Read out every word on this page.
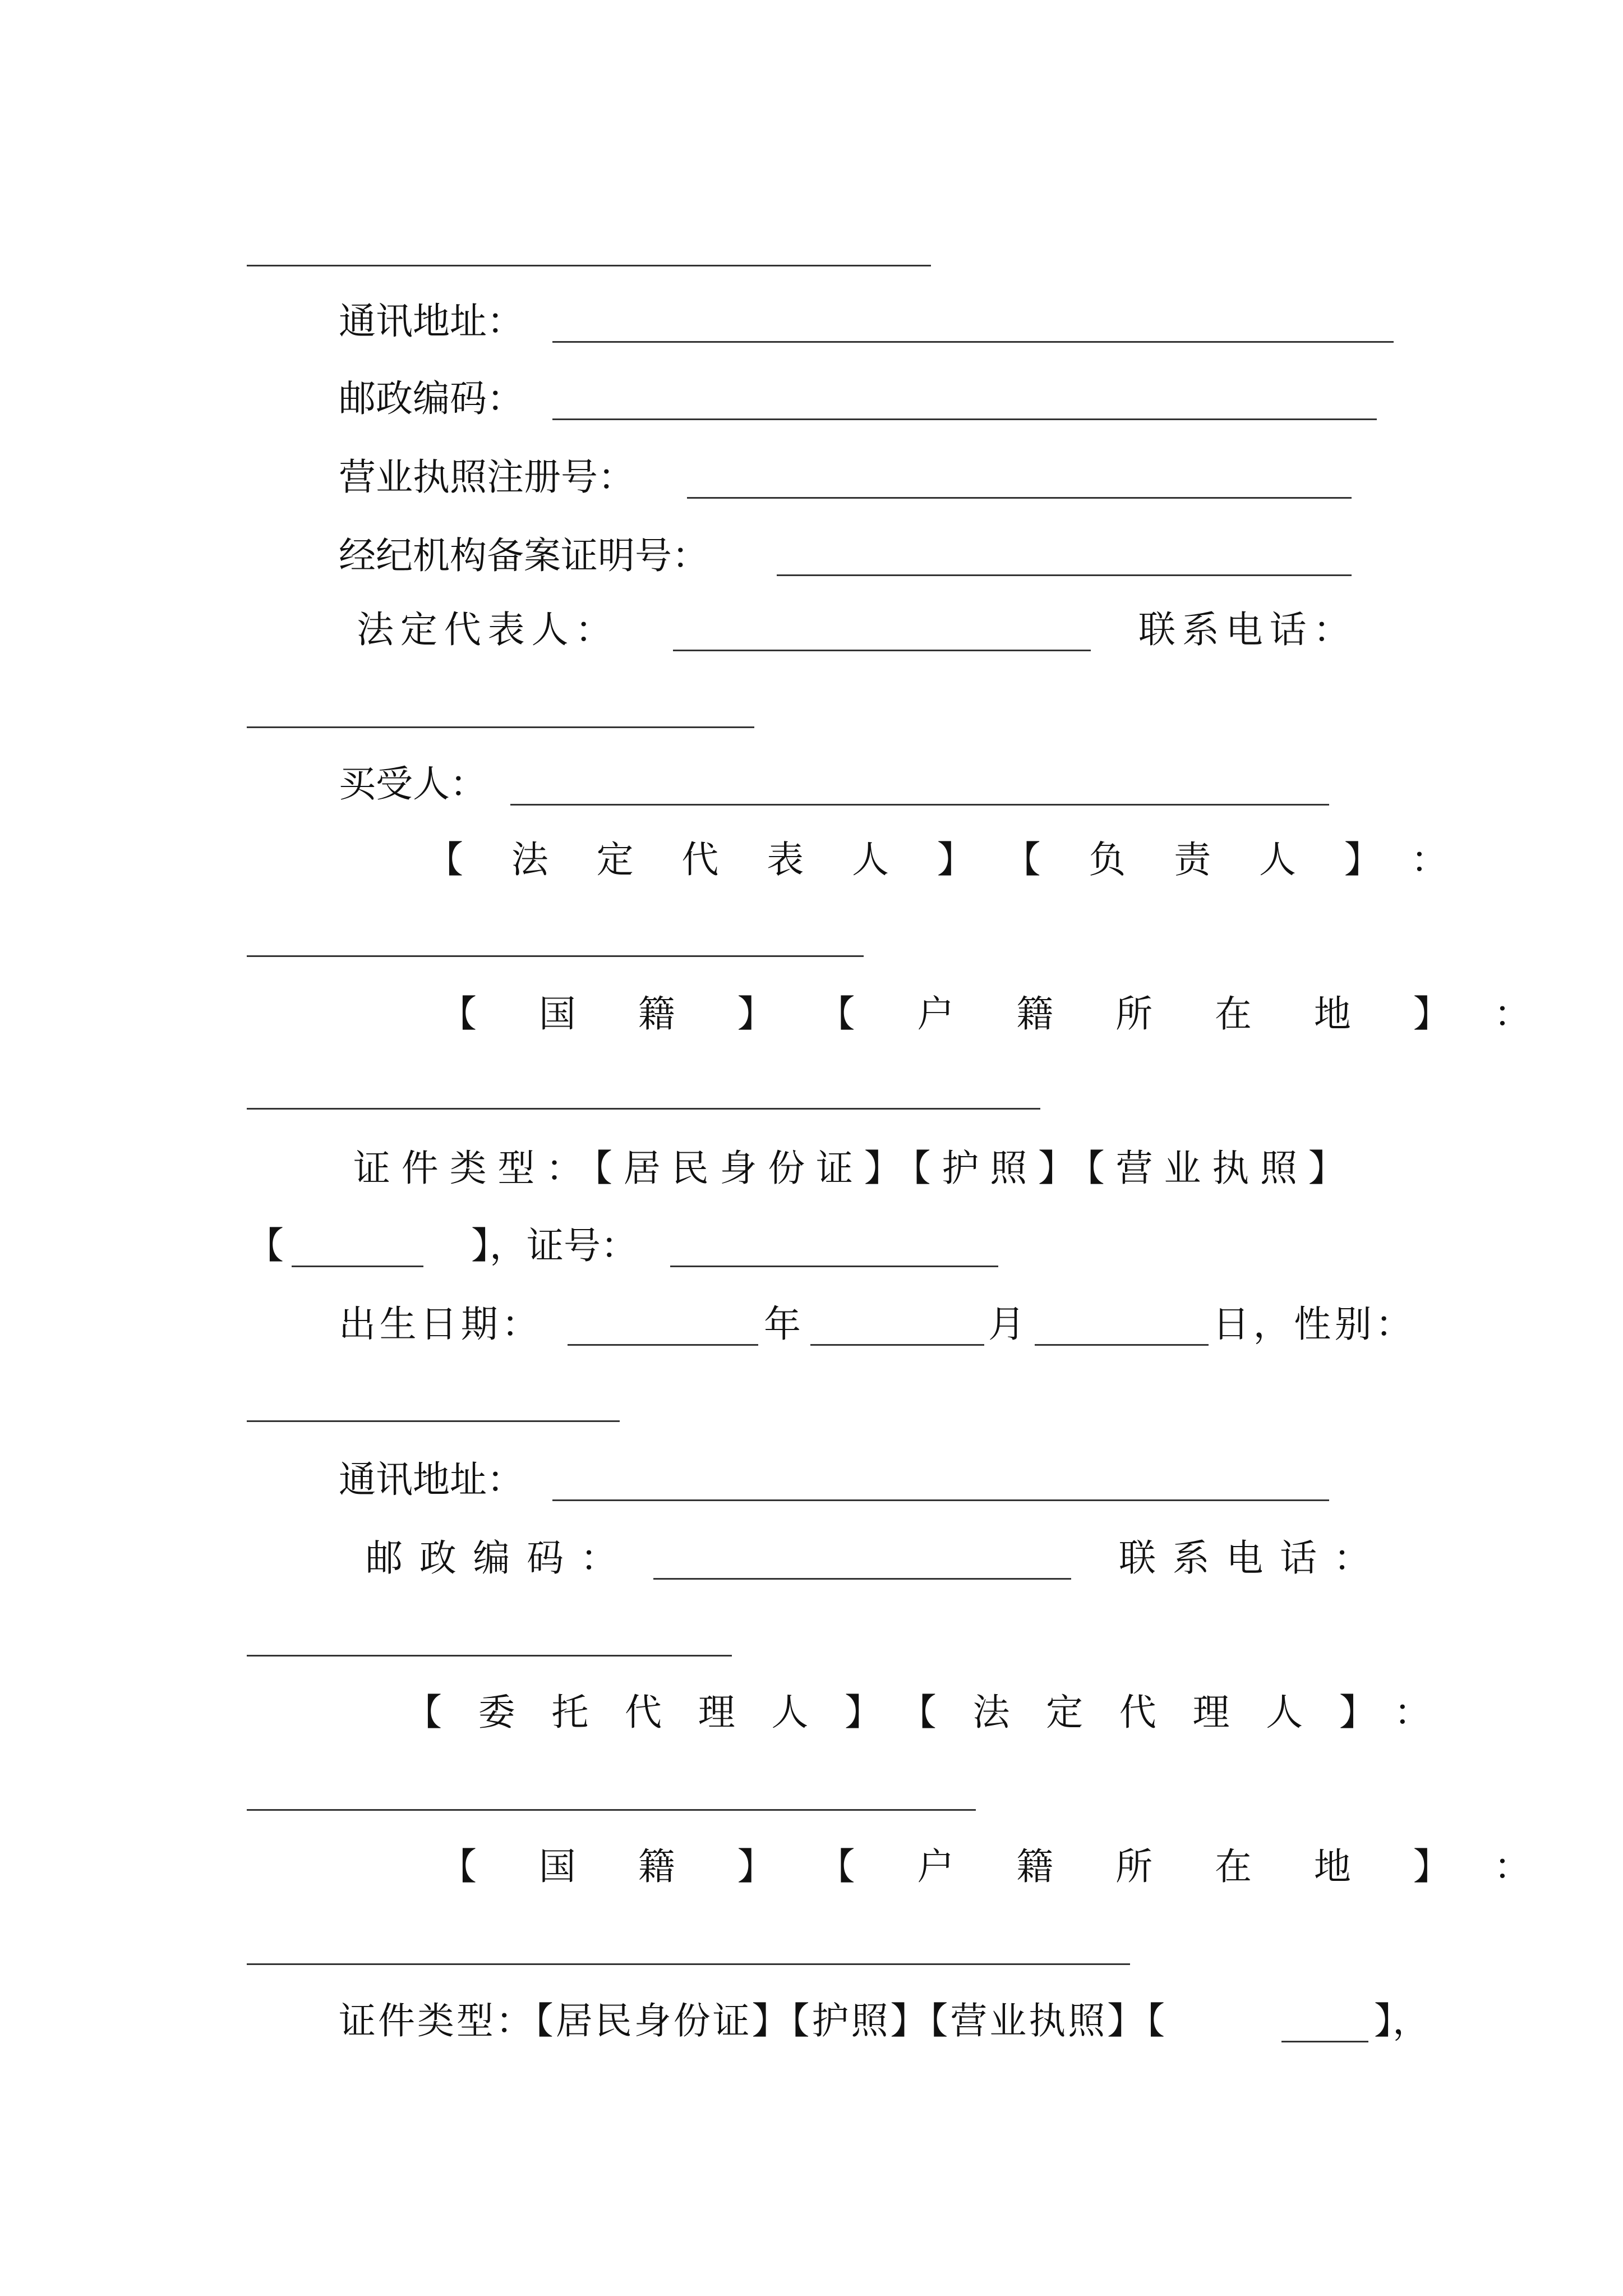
通讯地址：
邮政编码：
营业执照注册号：
经纪机构备案证明号：
法定代表人：	联系电话：
买受人：
【法定代表人】【负责人】：
【国籍】【户籍所在地】：
证件类型：【居民身份证】【护照】【营业执照】
【	】，证号：
出生日期：	年	月	日，性别：
通讯地址：
邮政编码：	联系电话：
【委托代理人】【法定代理人】：
【国籍】【户籍所在地】：
证件类型：【居民身份证】【护照】【营业执照】【	】，
